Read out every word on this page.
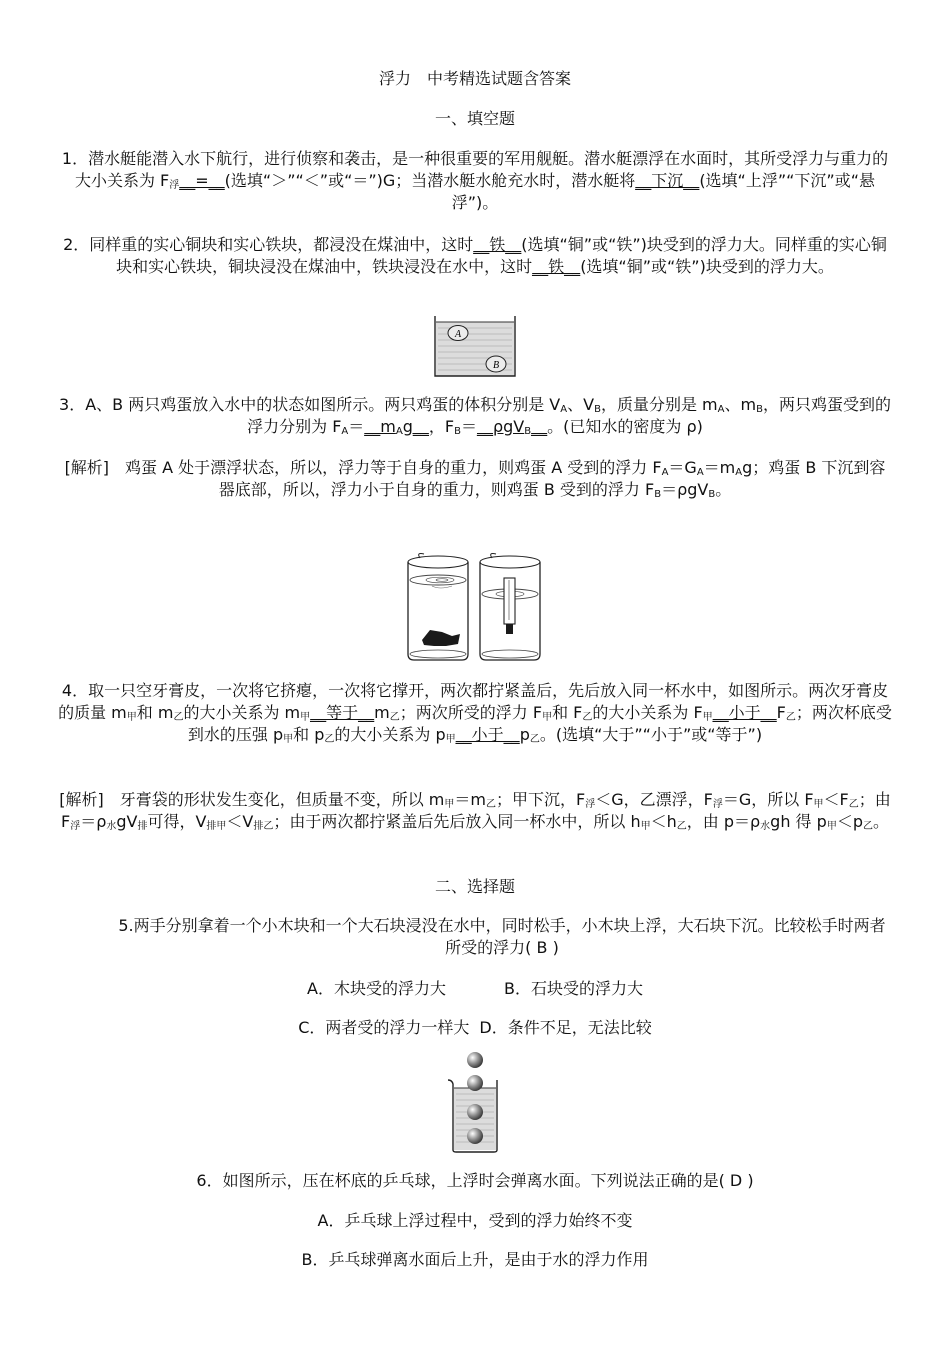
浮力　中考精选试题含答案
一、填空题
1．潜水艇能潜入水下航行，进行侦察和袭击，是一种很重要的军用舰艇。潜水艇漂浮在水面时，其所受浮力与重力的大小关系为 $F_浮\_\_=\_\_$(选填“＞”“＜”或“＝”)G；当潜水艇水舱充水时，潜水艇将__下沉__(选填“上浮”“下沉”或“悬浮”)。
2．同样重的实心铜块和实心铁块，都浸没在煤油中，这时__铁__(选填“铜”或“铁”)块受到的浮力大。同样重的实心铜块和实心铁块，铜块浸没在煤油中，铁块浸没在水中，这时__铁__(选填“铜”或“铁”)块受到的浮力大。
A
B
3．A、B 两只鸡蛋放入水中的状态如图所示。两只鸡蛋的体积分别是 $V_A$、$V_B$，质量分别是 $m_A$、$m_B$，两只鸡蛋受到的浮力分别为 $F_A=\_\_m_Ag\_\_$，$F_B=\_\_\rho gV_B\_\_$。(已知水的密度为 ρ)
[解析]　鸡蛋 A 处于漂浮状态，所以，浮力等于自身的重力，则鸡蛋 A 受到的浮力 $F_A=G_A=m_Ag$；鸡蛋 B 下沉到容器底部，所以，浮力小于自身的重力，则鸡蛋 B 受到的浮力 $F_B=\rho gV_B$。
4．取一只空牙膏皮，一次将它挤瘪，一次将它撑开，两次都拧紧盖后，先后放入同一杯水中，如图所示。两次牙膏皮的质量 $m_甲$和 $m_乙$的大小关系为 $m_甲\_\_$等于$\_\_m_乙$；两次所受的浮力 $F_甲$和 $F_乙$的大小关系为 $F_甲\_\_$小于$\_\_F_乙$；两次杯底受到水的压强 $p_甲$和 $p_乙$的大小关系为 $p_甲\_\_$小于$\_\_p_乙$。(选填“大于”“小于”或“等于”)
[解析]　牙膏袋的形状发生变化，但质量不变，所以 $m_甲=m_乙$；甲下沉，$F_浮<G$，乙漂浮，$F_浮=G$，所以 $F_甲<F_乙$；由 $F_浮=\rho_水gV_排$可得，$V_{排甲}<V_{排乙}$；由于两次都拧紧盖后先后放入同一杯水中，所以 $h_甲<h_乙$，由 $p=\rho_水gh$ 得 $p_甲<p_乙$。
二、选择题
5.两手分别拿着一个小木块和一个大石块浸没在水中，同时松手，小木块上浮，大石块下沉。比较松手时两者所受的浮力( B )
A．木块受的浮力大	B．石块受的浮力大
C．两者受的浮力一样大 D．条件不足，无法比较
6．如图所示，压在杯底的乒乓球，上浮时会弹离水面。下列说法正确的是( D )
A．乒乓球上浮过程中，受到的浮力始终不变
B．乒乓球弹离水面后上升，是由于水的浮力作用
